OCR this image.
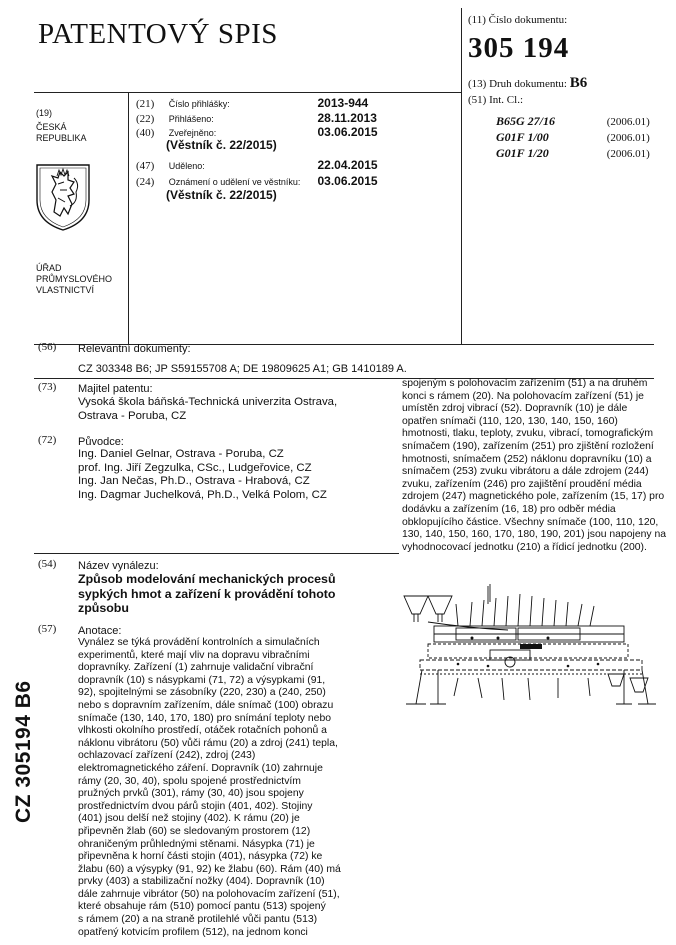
PATENTOVÝ SPIS	(11) Číslo dokumentu:
305 194
(13) Druh dokumentu: B6
(51) Int. Cl.:
B65G 27/16	(2006.01)
G01F 1/00	(2006.01)
G01F 1/20	(2006.01)
(19)
ČESKÁ
REPUBLIKA
ÚŘAD
PRŮMYSLOVÉHO
VLASTNICTVÍ
(21) Číslo přihlášky:	2013-944
(22) Přihlášeno:	28.11.2013
(40) Zveřejněno:	03.06.2015
(Věstník č. 22/2015)
(47) Uděleno:	22.04.2015
(24) Oznámení o udělení ve věstníku: 03.06.2015
(Věstník č. 22/2015)
(56) Relevantní dokumenty:
CZ 303348 B6; JP S59155708 A; DE 19809625 A1; GB 1410189 A.
(73) Majitel patentu:
Vysoká škola báňská-Technická univerzita Ostrava,
Ostrava - Poruba, CZ
(72) Původce:
Ing. Daniel Gelnar, Ostrava - Poruba, CZ
prof. Ing. Jiří Zegzulka, CSc., Ludgeřovice, CZ
Ing. Jan Nečas, Ph.D., Ostrava - Hrabová, CZ
Ing. Dagmar Juchelková, Ph.D., Velká Polom, CZ
(54) Název vynálezu:
Způsob modelování mechanických procesů
sypkých hmot a zařízení k provádění tohoto
způsobu
(57) Anotace:
Vynález se týká provádění kontrolních a simulačních
experimentů, které mají vliv na dopravu vibračními
dopravníky. Zařízení (1) zahrnuje validační vibrační
dopravník (10) s násypkami (71, 72) a výsypkami (91,
92), spojitelnými se zásobníky (220, 230) a (240, 250)
nebo s dopravním zařízením, dále snímač (100) obrazu
snímače (130, 140, 170, 180) pro snímání teploty nebo
vlhkosti okolního prostředí, otáček rotačních pohonů a
náklonu vibrátoru (50) vůči rámu (20) a zdroj (241) tepla,
ochlazovací zařízení (242), zdroj (243)
elektromagnetického záření. Dopravník (10) zahrnuje
rámy (20, 30, 40), spolu spojené prostřednictvím
pružných prvků (301), rámy (30, 40) jsou spojeny
prostřednictvím dvou párů stojin (401, 402). Stojiny
(401) jsou delší než stojiny (402). K rámu (20) je
připevněn žlab (60) se sledovaným prostorem (12)
ohraničeným průhlednými stěnami. Násypka (71) je
připevněna k horní části stojin (401), násypka (72) ke
žlabu (60) a výsypky (91, 92) ke žlabu (60). Rám (40) má
prvky (403) a stabilizační nožky (404). Dopravník (10)
dále zahrnuje vibrátor (50) na polohovacím zařízení (51),
které obsahuje rám (510) pomocí pantu (513) spojený
s rámem (20) a na straně protilehlé vůči pantu (513)
opatřený kotvicím profilem (512), na jednom konci
spojeným s polohovacím zařízením (51) a na druhém
konci s rámem (20). Na polohovacím zařízení (51) je
umístěn zdroj vibrací (52). Dopravník (10) je dále
opatřen snímači (110, 120, 130, 140, 150, 160)
hmotnosti, tlaku, teploty, zvuku, vibrací, tomografickým
snímačem (190), zařízením (251) pro zjištění rozložení
hmotnosti, snímačem (252) náklonu dopravníku (10) a
snímačem (253) zvuku vibrátoru a dále zdrojem (244)
zvuku, zařízením (246) pro zajištění proudění média
zdrojem (247) magnetického pole, zařízením (15, 17) pro
dodávku a zařízením (16, 18) pro odběr média
obklopujícího částice. Všechny snímače (100, 110, 120,
130, 140, 150, 160, 170, 180, 190, 201) jsou napojeny na
vyhodnocovací jednotku (210) a řídicí jednotku (200).
CZ 305194 B6
